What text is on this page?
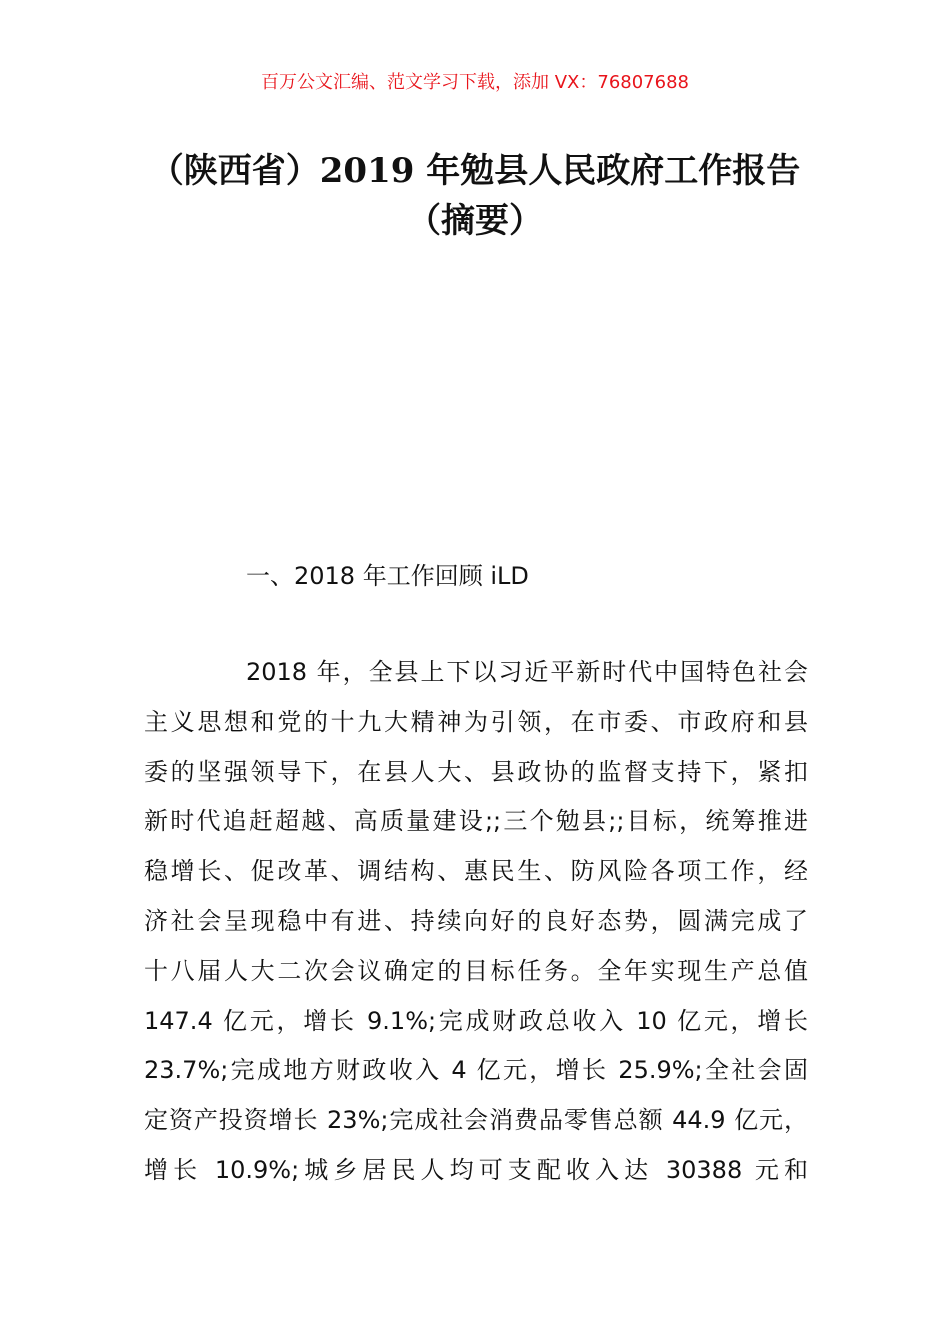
百万公文汇编、范文学习下载，添加 VX：76807688
（陕西省）2019 年勉县人民政府工作报告
（摘要）
一、2018 年工作回顾 iLD
2018 年，全县上下以习近平新时代中国特色社会
主义思想和党的十九大精神为引领，在市委、市政府和县
委的坚强领导下，在县人大、县政协的监督支持下，紧扣
新时代追赶超越、高质量建设;;三个勉县;;目标，统筹推进
稳增长、促改革、调结构、惠民生、防风险各项工作，经
济社会呈现稳中有进、持续向好的良好态势，圆满完成了
十八届人大二次会议确定的目标任务。全年实现生产总值
147.4 亿元，增长 9.1%;完成财政总收入 10 亿元，增长
23.7%;完成地方财政收入 4 亿元，增长 25.9%;全社会固
定资产投资增长 23%;完成社会消费品零售总额 44.9 亿元，
增长 10.9%;城乡居民人均可支配收入达 30388 元和
